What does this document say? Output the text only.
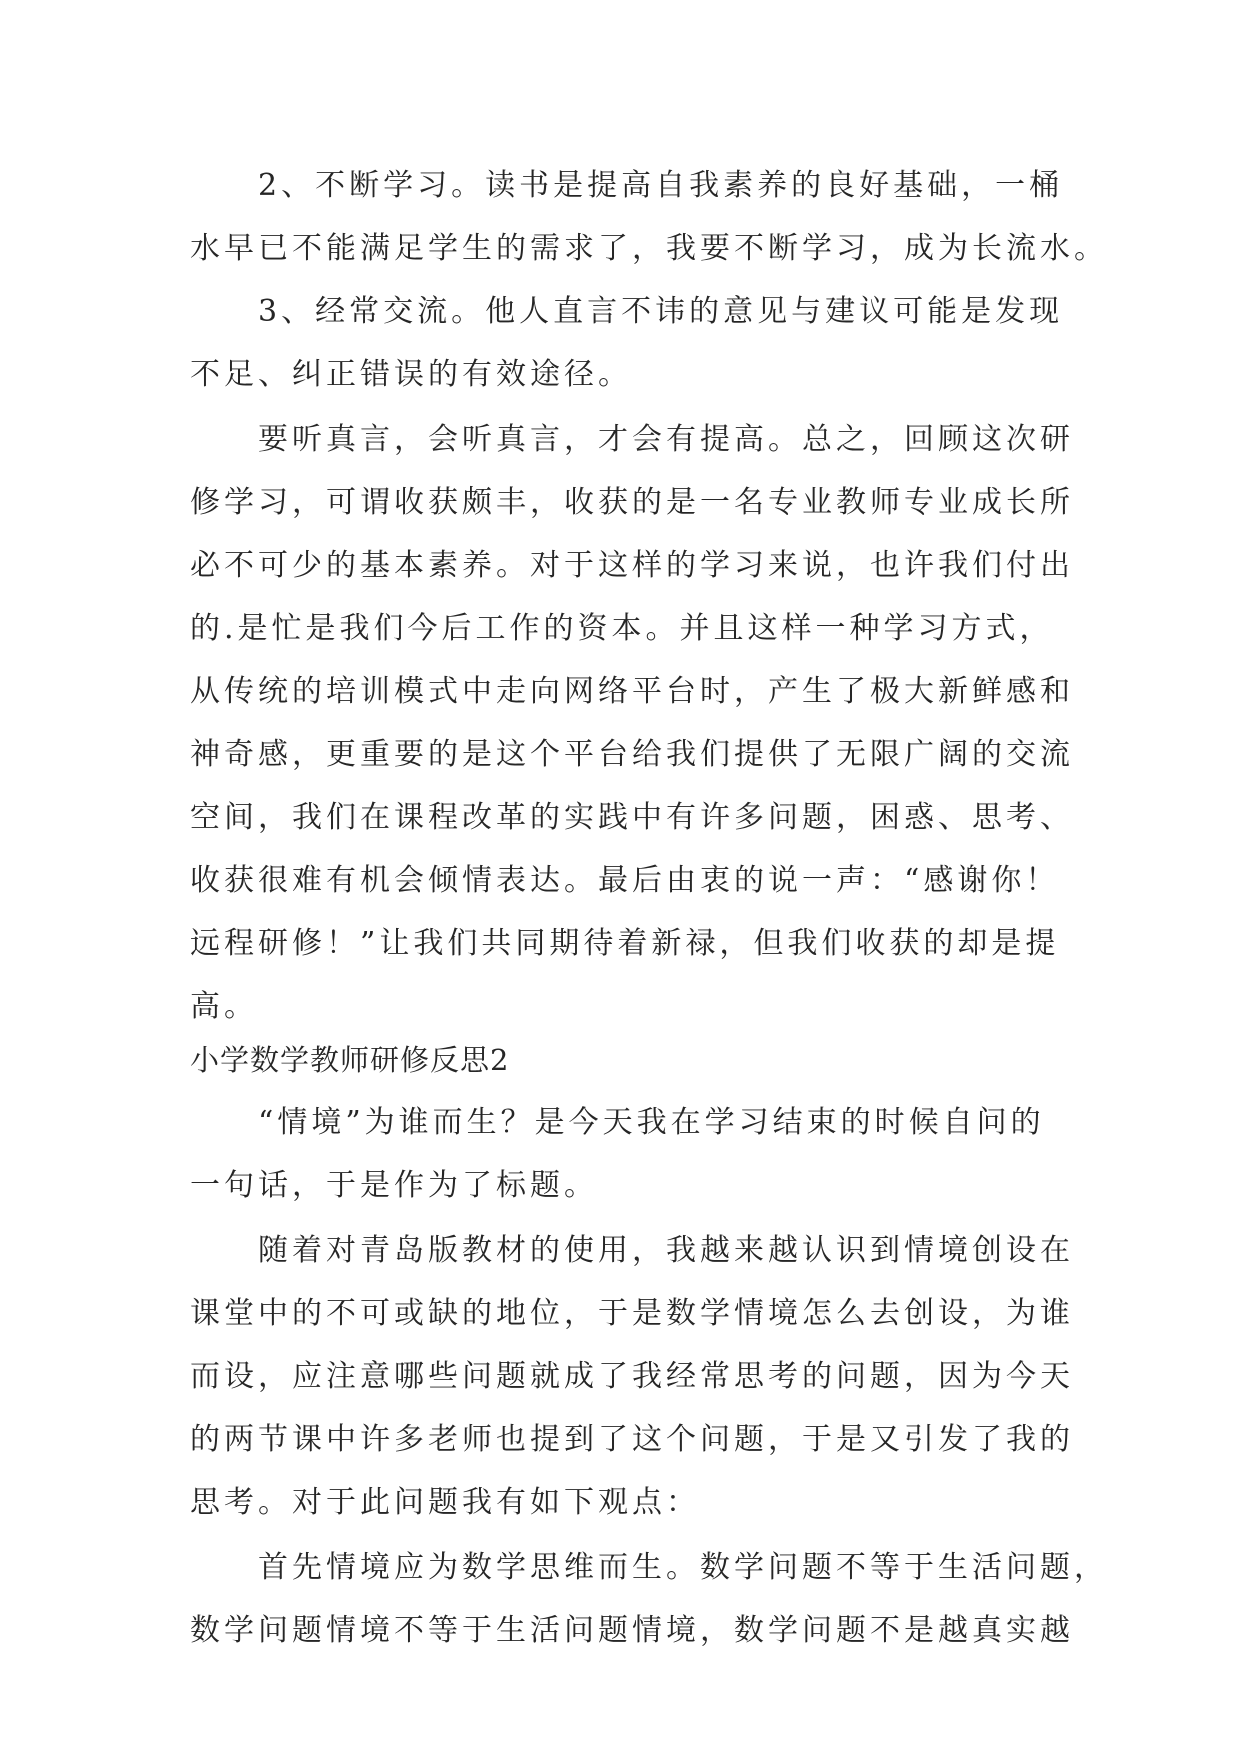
2、不断学习。读书是提高自我素养的良好基础，一桶

水早已不能满足学生的需求了，我要不断学习，成为长流水。

3、经常交流。他人直言不讳的意见与建议可能是发现

不足、纠正错误的有效途径。

要听真言，会听真言，才会有提高。总之，回顾这次研

修学习，可谓收获颇丰，收获的是一名专业教师专业成长所

必不可少的基本素养。对于这样的学习来说，也许我们付出

的.是忙是我们今后工作的资本。并且这样一种学习方式，

从传统的培训模式中走向网络平台时，产生了极大新鲜感和

神奇感，更重要的是这个平台给我们提供了无限广阔的交流

空间，我们在课程改革的实践中有许多问题，困惑、思考、

收获很难有机会倾情表达。最后由衷的说一声：“感谢你！

远程研修！”让我们共同期待着新禄，但我们收获的却是提

高。

小学数学教师研修反思2

“情境”为谁而生？是今天我在学习结束的时候自问的

一句话，于是作为了标题。

随着对青岛版教材的使用，我越来越认识到情境创设在

课堂中的不可或缺的地位，于是数学情境怎么去创设，为谁

而设，应注意哪些问题就成了我经常思考的问题，因为今天

的两节课中许多老师也提到了这个问题，于是又引发了我的

思考。对于此问题我有如下观点：

首先情境应为数学思维而生。数学问题不等于生活问题，

数学问题情境不等于生活问题情境，数学问题不是越真实越
